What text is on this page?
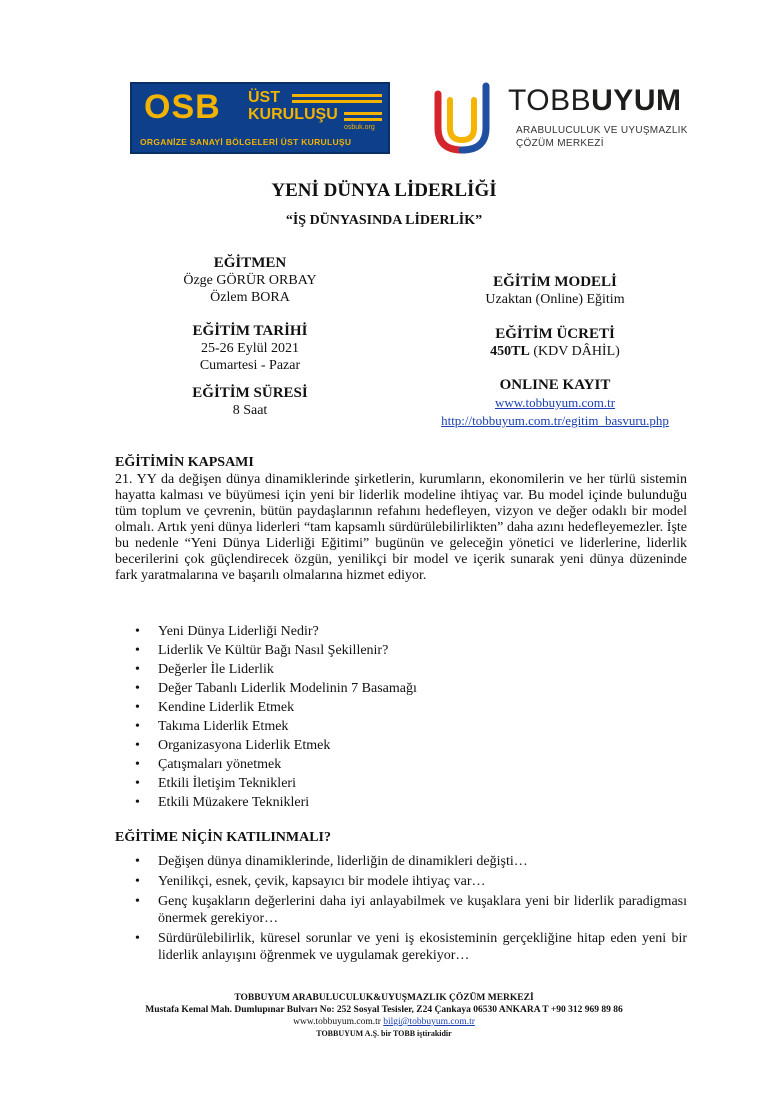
OSB ÜST
KURULUŞU
osbuk.org
ORGANİZE SANAYİ BÖLGELERİ ÜST KURULUŞU
TOBBUYUM
ARABULUCULUK VE UYUŞMAZLIK
ÇÖZÜM MERKEZİ
YENİ DÜNYA LİDERLİĞİ
“İŞ DÜNYASINDA LİDERLİK”
EĞİTMEN
Özge GÖRÜR ORBAY
Özlem BORA
EĞİTİM TARİHİ
25-26 Eylül 2021
Cumartesi - Pazar
EĞİTİM SÜRESİ
8 Saat
EĞİTİM MODELİ
Uzaktan (Online) Eğitim
EĞİTİM ÜCRETİ
450TL (KDV DÂHİL)
ONLINE KAYIT
www.tobbuyum.com.tr
http://tobbuyum.com.tr/egitim_basvuru.php
EĞİTİMİN KAPSAMI
21. YY da değişen dünya dinamiklerinde şirketlerin, kurumların, ekonomilerin ve her türlü sistemin hayatta kalması ve büyümesi için yeni bir liderlik modeline ihtiyaç var. Bu model içinde bulunduğu tüm toplum ve çevrenin, bütün paydaşlarının refahını hedefleyen, vizyon ve değer odaklı bir model olmalı. Artık yeni dünya liderleri “tam kapsamlı sürdürülebilirlikten” daha azını hedefleyemezler. İşte bu nedenle “Yeni Dünya Liderliği Eğitimi” bugünün ve geleceğin yönetici ve liderlerine, liderlik becerilerini çok güçlendirecek özgün, yenilikçi bir model ve içerik sunarak yeni dünya düzeninde fark yaratmalarına ve başarılı olmalarına hizmet ediyor.
• Yeni Dünya Liderliği Nedir?
• Liderlik Ve Kültür Bağı Nasıl Şekillenir?
• Değerler İle Liderlik
• Değer Tabanlı Liderlik Modelinin 7 Basamağı
• Kendine Liderlik Etmek
• Takıma Liderlik Etmek
• Organizasyona Liderlik Etmek
• Çatışmaları yönetmek
• Etkili İletişim Teknikleri
• Etkili Müzakere Teknikleri
EĞİTİME NİÇİN KATILINMALI?
• Değişen dünya dinamiklerinde, liderliğin de dinamikleri değişti…
• Yenilikçi, esnek, çevik, kapsayıcı bir modele ihtiyaç var…
• Genç kuşakların değerlerini daha iyi anlayabilmek ve kuşaklara yeni bir liderlik paradigması önermek gerekiyor…
• Sürdürülebilirlik, küresel sorunlar ve yeni iş ekosisteminin gerçekliğine hitap eden yeni bir liderlik anlayışını öğrenmek ve uygulamak gerekiyor…
TOBBUYUM ARABULUCULUK&UYUŞMAZLIK ÇÖZÜM MERKEZİ
Mustafa Kemal Mah. Dumlupınar Bulvarı No: 252 Sosyal Tesisler, Z24 Çankaya 06530 ANKARA T +90 312 969 89 86
www.tobbuyum.com.tr bilgi@tobbuyum.com.tr
TOBBUYUM A.Ş. bir TOBB iştirakidir
